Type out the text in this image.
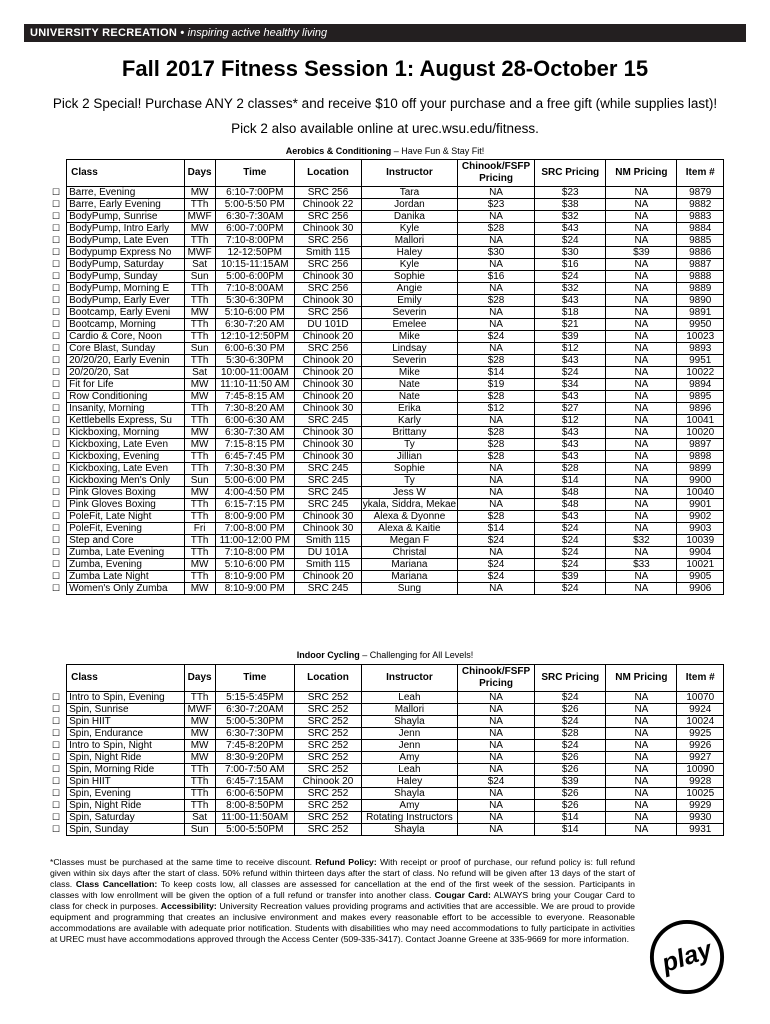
UNIVERSITY RECREATION • inspiring active healthy living
Fall 2017 Fitness Session 1: August 28-October 15
Pick 2 Special! Purchase ANY 2 classes* and receive $10 off your purchase and a free gift (while supplies last)!
Pick 2 also available online at urec.wsu.edu/fitness.
Aerobics & Conditioning – Have Fun & Stay Fit!
	Class	Days	Time	Location	Instructor	Chinook/FSFP Pricing	SRC Pricing	NM Pricing	Item #
☐	Barre, Evening	MW	6:10-7:00PM	SRC 256	Tara	NA	$23	NA	9879
☐	Barre, Early Evening	TTh	5:00-5:50 PM	Chinook 22	Jordan	$23	$38	NA	9882
☐	BodyPump, Sunrise	MWF	6:30-7:30AM	SRC 256	Danika	NA	$32	NA	9883
☐	BodyPump, Intro Early	MW	6:00-7:00PM	Chinook 30	Kyle	$28	$43	NA	9884
☐	BodyPump, Late Even	TTh	7:10-8:00PM	SRC 256	Mallori	NA	$24	NA	9885
☐	Bodypump Express No	MWF	12-12:50PM	Smith 115	Haley	$30	$30	$39	9886
☐	BodyPump, Saturday	Sat	10:15-11:15AM	SRC 256	Kyle	NA	$16	NA	9887
☐	BodyPump, Sunday	Sun	5:00-6:00PM	Chinook 30	Sophie	$16	$24	NA	9888
☐	BodyPump, Morning E	TTh	7:10-8:00AM	SRC 256	Angie	NA	$32	NA	9889
☐	BodyPump, Early Ever	TTh	5:30-6:30PM	Chinook 30	Emily	$28	$43	NA	9890
☐	Bootcamp, Early Eveni	MW	5:10-6:00 PM	SRC 256	Severin	NA	$18	NA	9891
☐	Bootcamp, Morning	TTh	6:30-7:20 AM	DU 101D	Emelee	NA	$21	NA	9950
☐	Cardio & Core, Noon	TTh	12:10-12:50PM	Chinook 20	Mike	$24	$39	NA	10023
☐	Core Blast, Sunday	Sun	6:00-6:30 PM	SRC 256	Lindsay	NA	$12	NA	9893
☐	20/20/20, Early Evenin	TTh	5:30-6:30PM	Chinook 20	Severin	$28	$43	NA	9951
☐	20/20/20, Sat	Sat	10:00-11:00AM	Chinook 20	Mike	$14	$24	NA	10022
☐	Fit for Life	MW	11:10-11:50 AM	Chinook 30	Nate	$19	$34	NA	9894
☐	Row Conditioning	MW	7:45-8:15 AM	Chinook 20	Nate	$28	$43	NA	9895
☐	Insanity, Morning	TTh	7:30-8:20 AM	Chinook 30	Erika	$12	$27	NA	9896
☐	Kettlebells Express, Su	TTh	6:00-6:30 AM	SRC 245	Karly	NA	$12	NA	10041
☐	Kickboxing, Morning	MW	6:30-7:30 AM	Chinook 30	Brittany	$28	$43	NA	10020
☐	Kickboxing, Late Even	MW	7:15-8:15 PM	Chinook 30	Ty	$28	$43	NA	9897
☐	Kickboxing, Evening	TTh	6:45-7:45 PM	Chinook 30	Jillian	$28	$43	NA	9898
☐	Kickboxing, Late Even	TTh	7:30-8:30 PM	SRC 245	Sophie	NA	$28	NA	9899
☐	Kickboxing Men's Only	Sun	5:00-6:00 PM	SRC 245	Ty	NA	$14	NA	9900
☐	Pink Gloves Boxing	MW	4:00-4:50 PM	SRC 245	Jess W	NA	$48	NA	10040
☐	Pink Gloves Boxing	TTh	6:15-7:15 PM	SRC 245	ykala, Siddra, Mekae	NA	$48	NA	9901
☐	PoleFit, Late Night	TTh	8:00-9:00 PM	Chinook 30	Alexa & Dyonne	$28	$43	NA	9902
☐	PoleFit, Evening	Fri	7:00-8:00 PM	Chinook 30	Alexa & Kaitie	$14	$24	NA	9903
☐	Step and Core	TTh	11:00-12:00 PM	Smith 115	Megan F	$24	$24	$32	10039
☐	Zumba, Late Evening	TTh	7:10-8:00 PM	DU 101A	Christal	NA	$24	NA	9904
☐	Zumba, Evening	MW	5:10-6:00 PM	Smith 115	Mariana	$24	$24	$33	10021
☐	Zumba Late Night	TTh	8:10-9:00 PM	Chinook 20	Mariana	$24	$39	NA	9905
☐	Women's Only Zumba	MW	8:10-9:00 PM	SRC 245	Sung	NA	$24	NA	9906
Indoor Cycling – Challenging for All Levels!
	Class	Days	Time	Location	Instructor	Chinook/FSFP Pricing	SRC Pricing	NM Pricing	Item #
☐	Intro to Spin, Evening	TTh	5:15-5:45PM	SRC 252	Leah	NA	$24	NA	10070
☐	Spin, Sunrise	MWF	6:30-7:20AM	SRC 252	Mallori	NA	$26	NA	9924
☐	Spin HIIT	MW	5:00-5:30PM	SRC 252	Shayla	NA	$24	NA	10024
☐	Spin, Endurance	MW	6:30-7:30PM	SRC 252	Jenn	NA	$28	NA	9925
☐	Intro to Spin, Night	MW	7:45-8:20PM	SRC 252	Jenn	NA	$24	NA	9926
☐	Spin, Night Ride	MW	8:30-9:20PM	SRC 252	Amy	NA	$26	NA	9927
☐	Spin, Morning Ride	TTh	7:00-7:50 AM	SRC 252	Leah	NA	$26	NA	10090
☐	Spin HIIT	TTh	6:45-7:15AM	Chinook 20	Haley	$24	$39	NA	9928
☐	Spin, Evening	TTh	6:00-6:50PM	SRC 252	Shayla	NA	$26	NA	10025
☐	Spin, Night Ride	TTh	8:00-8:50PM	SRC 252	Amy	NA	$26	NA	9929
☐	Spin, Saturday	Sat	11:00-11:50AM	SRC 252	Rotating Instructors	NA	$14	NA	9930
☐	Spin, Sunday	Sun	5:00-5:50PM	SRC 252	Shayla	NA	$14	NA	9931
*Classes must be purchased at the same time to receive discount. Refund Policy: With receipt or proof of purchase, our refund policy is: full refund given within six days after the start of class. 50% refund within thirteen days after the start of class. No refund will be given after 13 days of the start of class. Class Cancellation: To keep costs low, all classes are assessed for cancellation at the end of the first week of the session. Participants in classes with low enrollment will be given the option of a full refund or transfer into another class. Cougar Card: ALWAYS bring your Cougar Card to class for check in purposes. Accessibility: University Recreation values providing programs and activities that are accessible. We are proud to provide equipment and programming that creates an inclusive environment and makes every reasonable effort to be accessible to everyone. Reasonable accommodations are available with adequate prior notification. Students with disabilities who may need accommodations to fully participate in activities at UREC must have accommodations approved through the Access Center (509-335-3417). Contact Joanne Greene at 335-9669 for more information. play
